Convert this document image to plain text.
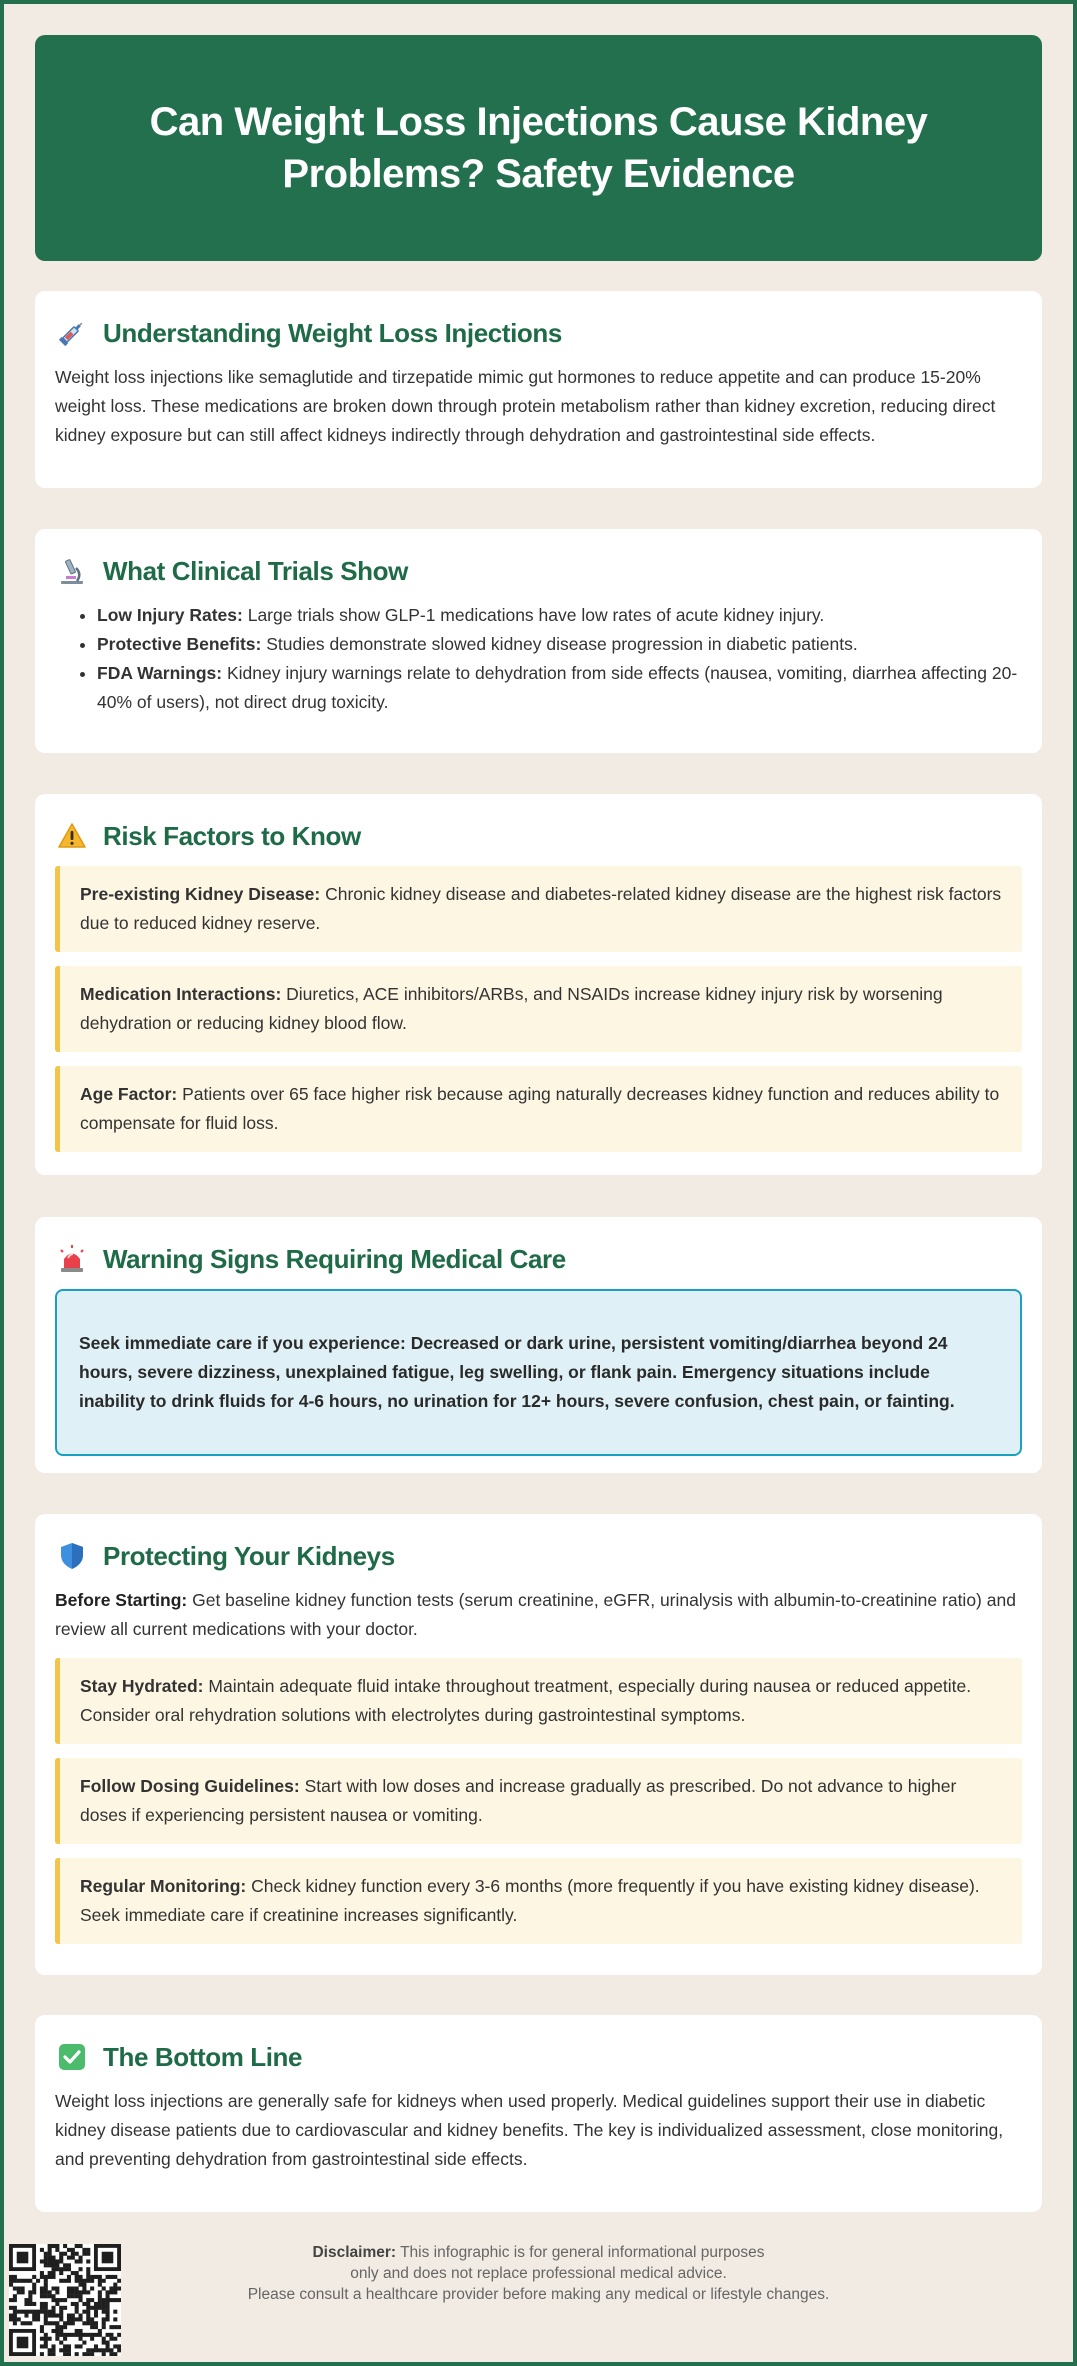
Can Weight Loss Injections Cause Kidney Problems? Safety Evidence
Understanding Weight Loss Injections

Weight loss injections like semaglutide and tirzepatide mimic gut hormones to reduce appetite and can produce 15-20% weight loss. These medications are broken down through protein metabolism rather than kidney excretion, reducing direct kidney exposure but can still affect kidneys indirectly through dehydration and gastrointestinal side effects.

What Clinical Trials Show
• Low Injury Rates: Large trials show GLP-1 medications have low rates of acute kidney injury.
• Protective Benefits: Studies demonstrate slowed kidney disease progression in diabetic patients.
• FDA Warnings: Kidney injury warnings relate to dehydration from side effects (nausea, vomiting, diarrhea affecting 20-40% of users), not direct drug toxicity.
Risk Factors to Know
Pre-existing Kidney Disease: Chronic kidney disease and diabetes-related kidney disease are the highest risk factors due to reduced kidney reserve.
Medication Interactions: Diuretics, ACE inhibitors/ARBs, and NSAIDs increase kidney injury risk by worsening dehydration or reducing kidney blood flow.
Age Factor: Patients over 65 face higher risk because aging naturally decreases kidney function and reduces ability to compensate for fluid loss.
Warning Signs Requiring Medical Care
Seek immediate care if you experience: Decreased or dark urine, persistent vomiting/diarrhea beyond 24 hours, severe dizziness, unexplained fatigue, leg swelling, or flank pain. Emergency situations include inability to drink fluids for 4-6 hours, no urination for 12+ hours, severe confusion, chest pain, or fainting.
Protecting Your Kidneys

Before Starting: Get baseline kidney function tests (serum creatinine, eGFR, urinalysis with albumin-to-creatinine ratio) and review all current medications with your doctor.

Stay Hydrated: Maintain adequate fluid intake throughout treatment, especially during nausea or reduced appetite. Consider oral rehydration solutions with electrolytes during gastrointestinal symptoms.
Follow Dosing Guidelines: Start with low doses and increase gradually as prescribed. Do not advance to higher doses if experiencing persistent nausea or vomiting.
Regular Monitoring: Check kidney function every 3-6 months (more frequently if you have existing kidney disease). Seek immediate care if creatinine increases significantly.
The Bottom Line

Weight loss injections are generally safe for kidneys when used properly. Medical guidelines support their use in diabetic kidney disease patients due to cardiovascular and kidney benefits. The key is individualized assessment, close monitoring, and preventing dehydration from gastrointestinal side effects.

Disclaimer: This infographic is for general informational purposes
only and does not replace professional medical advice.
Please consult a healthcare provider before making any medical or lifestyle changes.
